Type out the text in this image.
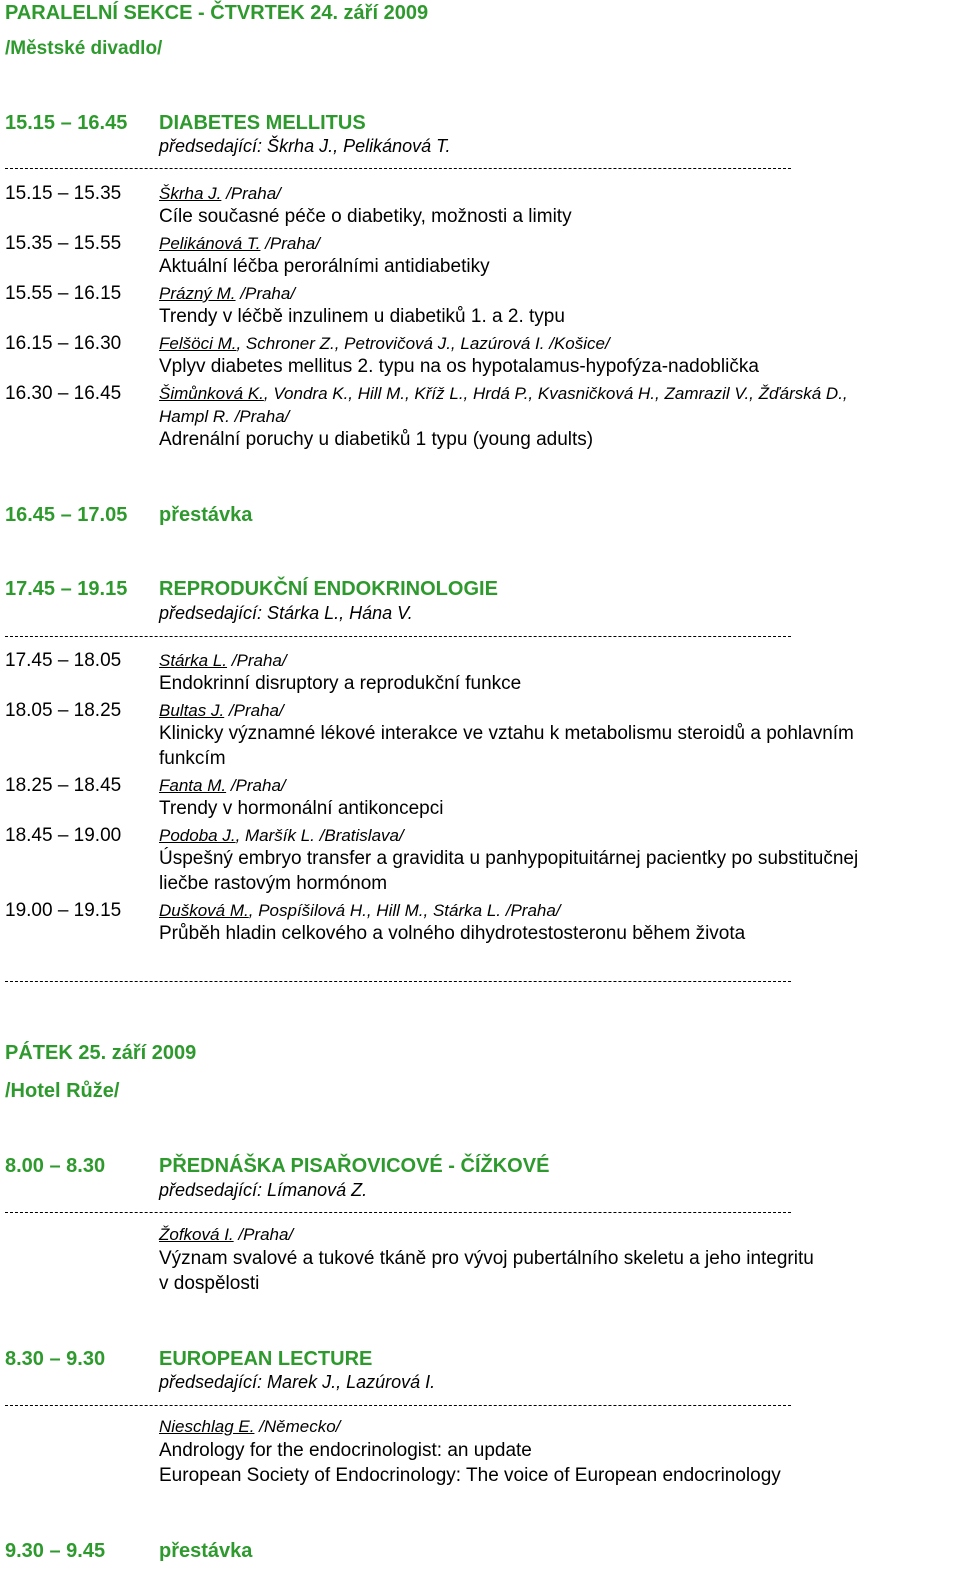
PARALELNÍ SEKCE - ČTVRTEK 24. září 2009
/Městské divadlo/
15.15 – 16.45 DIABETES MELLITUS
předsedající: Škrha J., Pelikánová T.
15.15 – 15.35 Škrha J. /Praha/
Cíle současné péče o diabetiky, možnosti a limity
15.35 – 15.55 Pelikánová T. /Praha/
Aktuální léčba perorálními antidiabetiky
15.55 – 16.15 Prázný M. /Praha/
Trendy v léčbě inzulinem u diabetiků 1. a 2. typu
16.15 – 16.30 Felšöci M., Schroner Z., Petrovičová J., Lazúrová I. /Košice/
Vplyv diabetes mellitus 2. typu na os hypotalamus-hypofýza-nadoblička
16.30 – 16.45 Šimůnková K., Vondra K., Hill M., Kříž L., Hrdá P., Kvasničková H., Zamrazil V., Žďárská D.,
Hampl R. /Praha/
Adrenální poruchy u diabetiků 1 typu (young adults)
16.45 – 17.05 přestávka
17.45 – 19.15 REPRODUKČNÍ ENDOKRINOLOGIE
předsedající: Stárka L., Hána V.
17.45 – 18.05 Stárka L. /Praha/
Endokrinní disruptory a reprodukční funkce
18.05 – 18.25 Bultas J. /Praha/
Klinicky významné lékové interakce ve vztahu k metabolismu steroidů a pohlavním
funkcím
18.25 – 18.45 Fanta M. /Praha/
Trendy v hormonální antikoncepci
18.45 – 19.00 Podoba J., Maršík L. /Bratislava/
Úspešný embryo transfer a gravidita u panhypopituitárnej pacientky po substitučnej
liečbe rastovým hormónom
19.00 – 19.15 Dušková M., Pospíšilová H., Hill M., Stárka L. /Praha/
Průběh hladin celkového a volného dihydrotestosteronu během života
PÁTEK 25. září 2009
/Hotel Růže/
8.00 – 8.30	PŘEDNÁŠKA PISAŘOVICOVÉ - ČÍŽKOVÉ
předsedající: Límanová Z.
Žofková I. /Praha/
Význam svalové a tukové tkáně pro vývoj pubertálního skeletu a jeho integritu
v dospělosti
8.30 – 9.30	EUROPEAN LECTURE
předsedající: Marek J., Lazúrová I.
Nieschlag E. /Německo/
Andrology for the endocrinologist: an update
European Society of Endocrinology: The voice of European endocrinology
9.30 – 9.45	přestávka
